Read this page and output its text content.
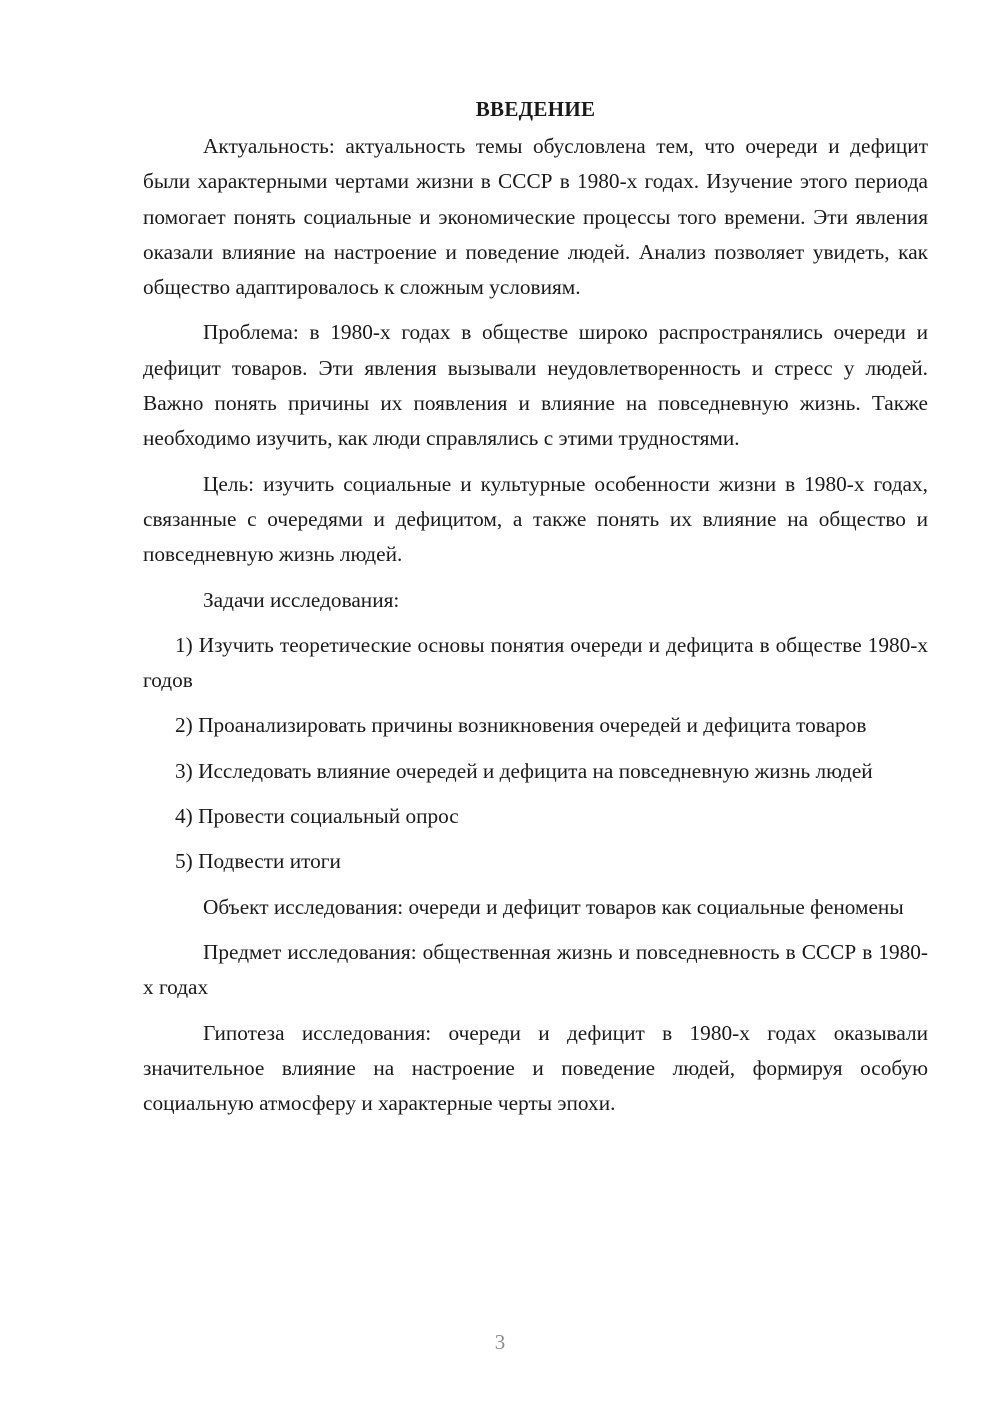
ВВЕДЕНИЕ

Актуальность: актуальность темы обусловлена тем, что очереди и дефицит были характерными чертами жизни в СССР в 1980-х годах. Изучение этого периода помогает понять социальные и экономические процессы того времени. Эти явления оказали влияние на настроение и поведение людей. Анализ позволяет увидеть, как общество адаптировалось к сложным условиям.

Проблема: в 1980-х годах в обществе широко распространялись очереди и дефицит товаров. Эти явления вызывали неудовлетворенность и стресс у людей. Важно понять причины их появления и влияние на повседневную жизнь. Также необходимо изучить, как люди справлялись с этими трудностями.

Цель: изучить социальные и культурные особенности жизни в 1980-х годах, связанные с очередями и дефицитом, а также понять их влияние на общество и повседневную жизнь людей.

Задачи исследования:

1) Изучить теоретические основы понятия очереди и дефицита в обществе 1980-х годов

2) Проанализировать причины возникновения очередей и дефицита товаров

3) Исследовать влияние очередей и дефицита на повседневную жизнь людей

4) Провести социальный опрос

5) Подвести итоги

Объект исследования: очереди и дефицит товаров как социальные феномены

Предмет исследования: общественная жизнь и повседневность в СССР в 1980-х годах

Гипотеза исследования: очереди и дефицит в 1980-х годах оказывали значительное влияние на настроение и поведение людей, формируя особую социальную атмосферу и характерные черты эпохи.

3
